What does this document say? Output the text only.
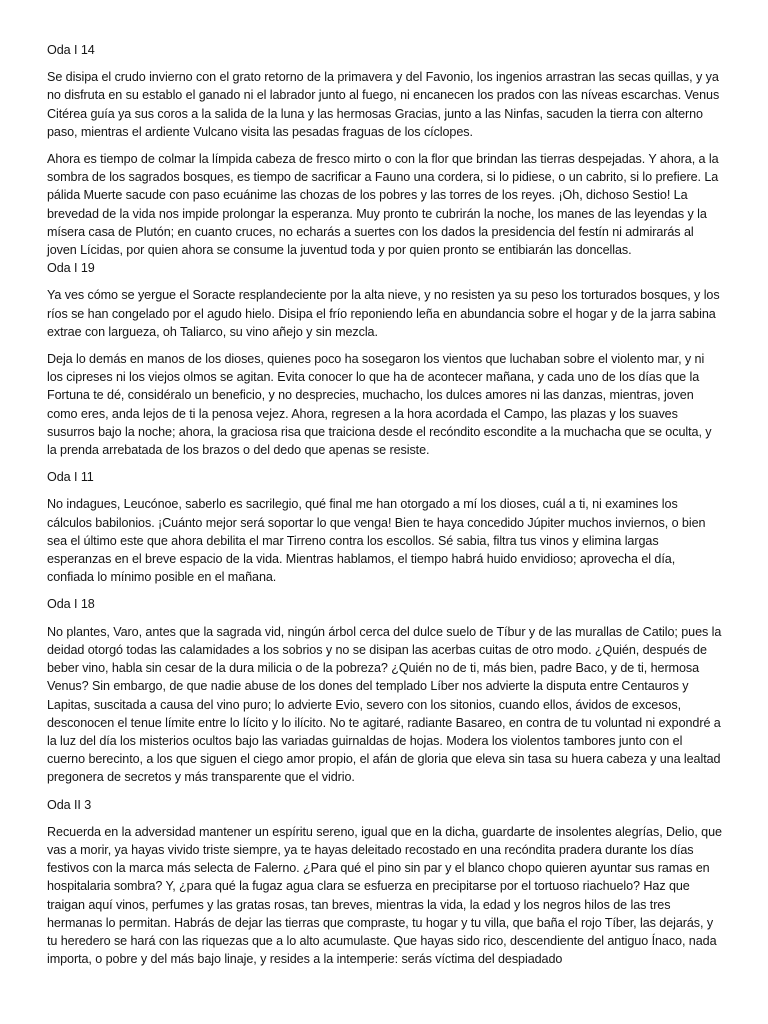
Oda I 14

Se disipa el crudo invierno con el grato retorno de la primavera y del Favonio, los ingenios arrastran las secas quillas, y ya no disfruta en su establo el ganado ni el labrador junto al fuego, ni encanecen los prados con las níveas escarchas. Venus Citérea guía ya sus coros a la salida de la luna y las hermosas Gracias, junto a las Ninfas, sacuden la tierra con alterno paso, mientras el ardiente Vulcano visita las pesadas fraguas de los cíclopes.

Ahora es tiempo de colmar la límpida cabeza de fresco mirto o con la flor que brindan las tierras despejadas. Y ahora, a la sombra de los sagrados bosques, es tiempo de sacrificar a Fauno una cordera, si lo pidiese, o un cabrito, si lo prefiere. La pálida Muerte sacude con paso ecuánime las chozas de los pobres y las torres de los reyes. ¡Oh, dichoso Sestio! La brevedad de la vida nos impide prolongar la esperanza. Muy pronto te cubrirán la noche, los manes de las leyendas y la mísera casa de Plutón; en cuanto cruces, no echarás a suertes con los dados la presidencia del festín ni admirarás al joven Lícidas, por quien ahora se consume la juventud toda y por quien pronto se entibiarán las doncellas.

Oda I 19

Ya ves cómo se yergue el Soracte resplandeciente por la alta nieve, y no resisten ya su peso los torturados bosques, y los ríos se han congelado por el agudo hielo. Disipa el frío reponiendo leña en abundancia sobre el hogar y de la jarra sabina extrae con largueza, oh Taliarco, su vino añejo y sin mezcla.

Deja lo demás en manos de los dioses, quienes poco ha sosegaron los vientos que luchaban sobre el violento mar, y ni los cipreses ni los viejos olmos se agitan. Evita conocer lo que ha de acontecer mañana, y cada uno de los días que la Fortuna te dé, considéralo un beneficio, y no desprecies, muchacho, los dulces amores ni las danzas, mientras, joven como eres, anda lejos de ti la penosa vejez. Ahora, regresen a la hora acordada el Campo, las plazas y los suaves susurros bajo la noche; ahora, la graciosa risa que traiciona desde el recóndito escondite a la muchacha que se oculta, y la prenda arrebatada de los brazos o del dedo que apenas se resiste.

Oda I 11

No indagues, Leucónoe, saberlo es sacrilegio, qué final me han otorgado a mí los dioses, cuál a ti, ni examines los cálculos babilonios. ¡Cuánto mejor será soportar lo que venga! Bien te haya concedido Júpiter muchos inviernos, o bien sea el último este que ahora debilita el mar Tirreno contra los escollos. Sé sabia, filtra tus vinos y elimina largas esperanzas en el breve espacio de la vida. Mientras hablamos, el tiempo habrá huido envidioso; aprovecha el día, confiada lo mínimo posible en el mañana.

Oda I 18

No plantes, Varo, antes que la sagrada vid, ningún árbol cerca del dulce suelo de Tíbur y de las murallas de Catilo; pues la deidad otorgó todas las calamidades a los sobrios y no se disipan las acerbas cuitas de otro modo. ¿Quién, después de beber vino, habla sin cesar de la dura milicia o de la pobreza? ¿Quién no de ti, más bien, padre Baco, y de ti, hermosa Venus? Sin embargo, de que nadie abuse de los dones del templado Líber nos advierte la disputa entre Centauros y Lapitas, suscitada a causa del vino puro; lo advierte Evio, severo con los sitonios, cuando ellos, ávidos de excesos, desconocen el tenue límite entre lo lícito y lo ilícito. No te agitaré, radiante Basareo, en contra de tu voluntad ni expondré a la luz del día los misterios ocultos bajo las variadas guirnaldas de hojas. Modera los violentos tambores junto con el cuerno berecinto, a los que siguen el ciego amor propio, el afán de gloria que eleva sin tasa su huera cabeza y una lealtad pregonera de secretos y más transparente que el vidrio.

Oda II 3

Recuerda en la adversidad mantener un espíritu sereno, igual que en la dicha, guardarte de insolentes alegrías, Delio, que vas a morir, ya hayas vivido triste siempre, ya te hayas deleitado recostado en una recóndita pradera durante los días festivos con la marca más selecta de Falerno. ¿Para qué el pino sin par y el blanco chopo quieren ayuntar sus ramas en hospitalaria sombra? Y, ¿para qué la fugaz agua clara se esfuerza en precipitarse por el tortuoso riachuelo? Haz que traigan aquí vinos, perfumes y las gratas rosas, tan breves, mientras la vida, la edad y los negros hilos de las tres hermanas lo permitan. Habrás de dejar las tierras que compraste, tu hogar y tu villa, que baña el rojo Tíber, las dejarás, y tu heredero se hará con las riquezas que a lo alto acumulaste. Que hayas sido rico, descendiente del antiguo Ínaco, nada importa, o pobre y del más bajo linaje, y resides a la intemperie: serás víctima del despiadado
